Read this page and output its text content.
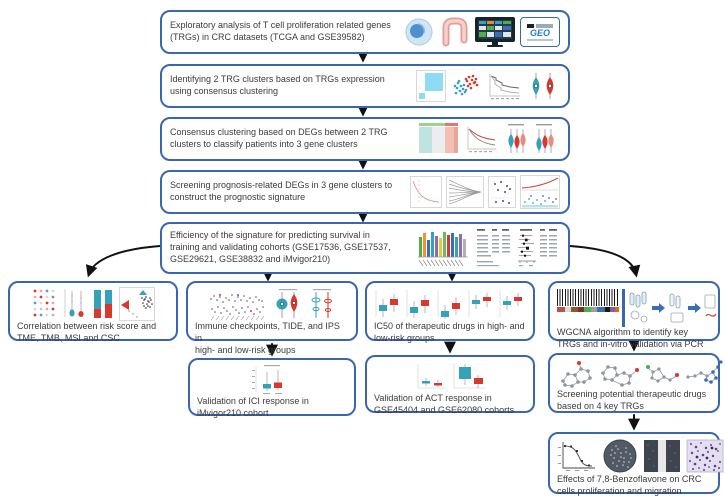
Exploratory analysis of T cell proliferation related genes
(TRGs) in CRC datasets (TCGA and GSE39582)	GEO
Identifying 2 TRG clusters based on TRGs expression
using consensus clustering
Consensus clustering based on DEGs between 2 TRG
clusters to classify patients into 3 gene clusters
Screening prognosis-related DEGs in 3 gene clusters to
construct the prognostic signature
Efficiency of the signature for predicting survival in
training and validating cohorts (GSE17536, GSE17537,
GSE29621, GSE38832 and iMvigor210)
Correlation between risk score and
TME, TMB, MSI and CSC
Immune checkpoints, TIDE, and IPS in
high- and low-risk groups
IC50 of therapeutic drugs in high- and
low-risk groups
WGCNA algorithm to identify key
TRGs and in-vitro validation via PCR
Validation of ICI response in
iMvigor210 cohort
Validation of ACT response in
GSE45404 and GSE62080 cohorts
Screening potential therapeutic drugs
based on 4 key TRGs
Effects of 7,8-Benzoflavone on CRC
cells proliferation and migration
